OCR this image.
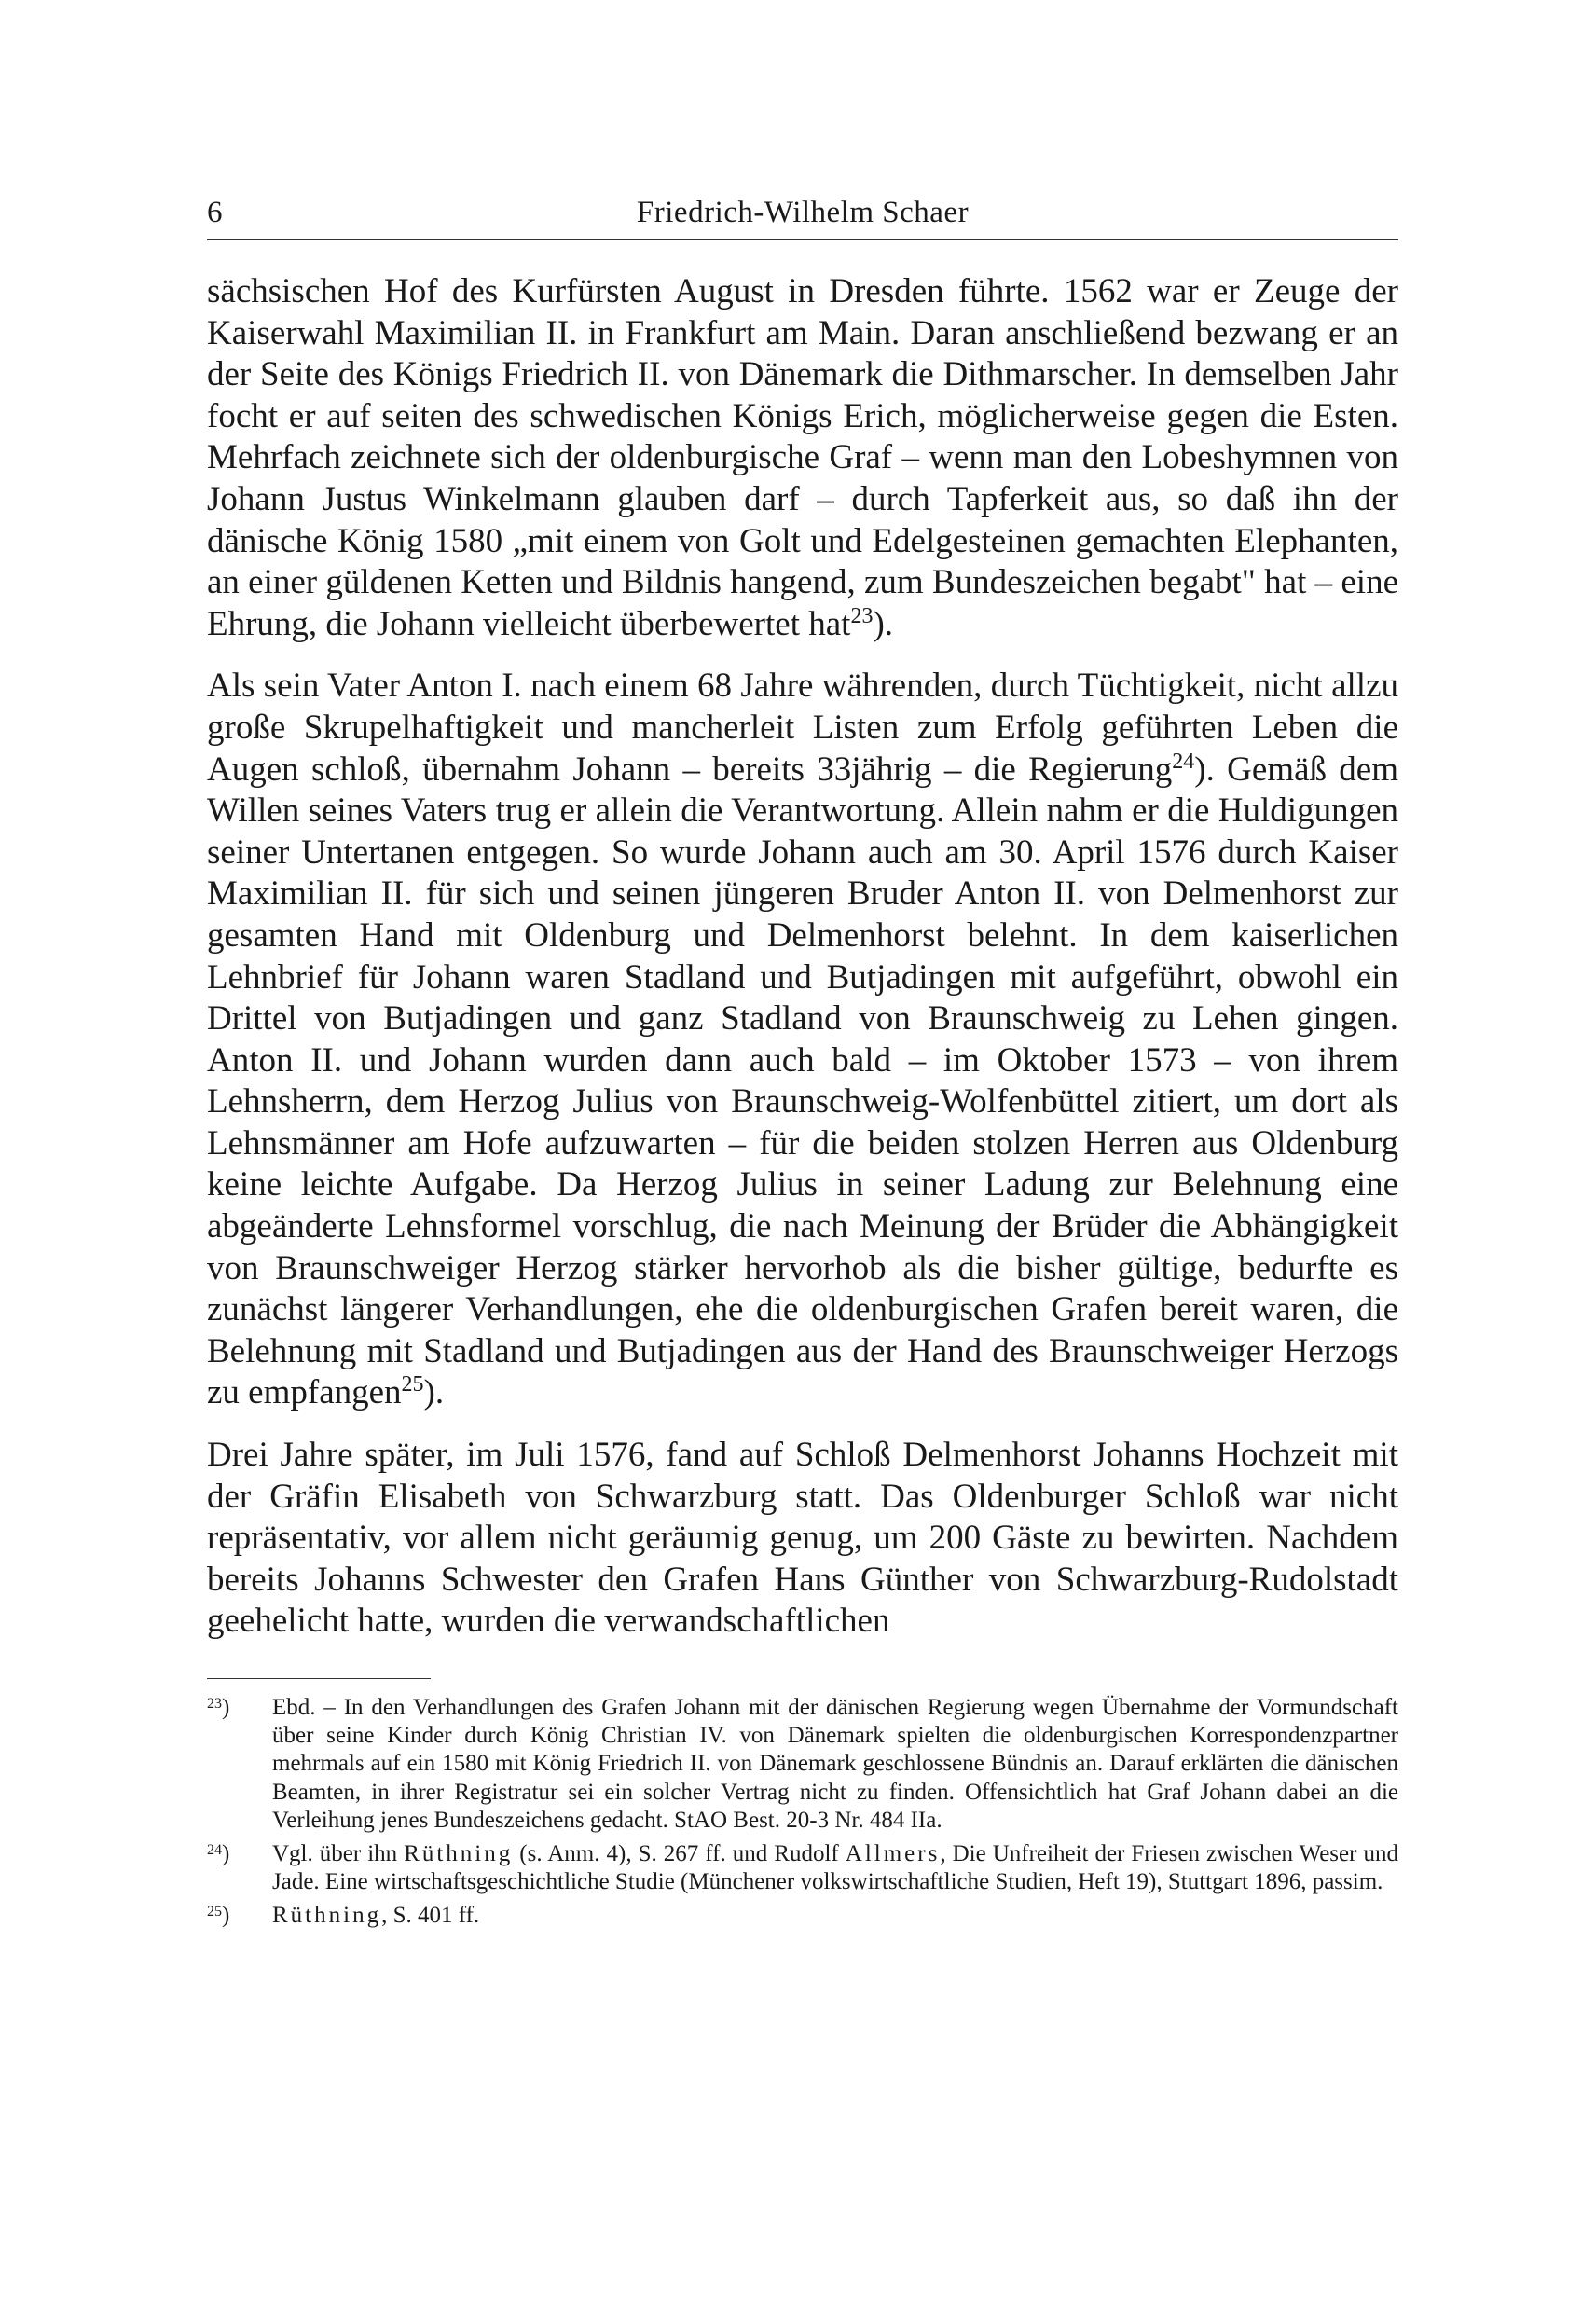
6	Friedrich-Wilhelm Schaer

sächsischen Hof des Kurfürsten August in Dresden führte. 1562 war er Zeuge der Kaiserwahl Maximilian II. in Frankfurt am Main. Daran anschließend bezwang er an der Seite des Königs Friedrich II. von Dänemark die Dithmarscher. In demselben Jahr focht er auf seiten des schwedischen Königs Erich, möglicherweise gegen die Esten. Mehrfach zeichnete sich der oldenburgische Graf – wenn man den Lobeshymnen von Johann Justus Winkelmann glauben darf – durch Tapferkeit aus, so daß ihn der dänische König 1580 „mit einem von Golt und Edelgesteinen gemachten Elephanten, an einer güldenen Ketten und Bildnis hangend, zum Bundeszeichen begabt" hat – eine Ehrung, die Johann vielleicht überbewertet hat$^{23}$).

Als sein Vater Anton I. nach einem 68 Jahre währenden, durch Tüchtigkeit, nicht allzu große Skrupelhaftigkeit und mancherleit Listen zum Erfolg geführten Leben die Augen schloß, übernahm Johann – bereits 33jährig – die Regierung$^{24}$). Gemäß dem Willen seines Vaters trug er allein die Verantwortung. Allein nahm er die Huldigungen seiner Untertanen entgegen. So wurde Johann auch am 30. April 1576 durch Kaiser Maximilian II. für sich und seinen jüngeren Bruder Anton II. von Delmenhorst zur gesamten Hand mit Oldenburg und Delmenhorst belehnt. In dem kaiserlichen Lehnbrief für Johann waren Stadland und Butjadingen mit aufgeführt, obwohl ein Drittel von Butjadingen und ganz Stadland von Braunschweig zu Lehen gingen. Anton II. und Johann wurden dann auch bald – im Oktober 1573 – von ihrem Lehnsherrn, dem Herzog Julius von Braunschweig-Wolfenbüttel zitiert, um dort als Lehnsmänner am Hofe aufzuwarten – für die beiden stolzen Herren aus Oldenburg keine leichte Aufgabe. Da Herzog Julius in seiner Ladung zur Belehnung eine abgeänderte Lehnsformel vorschlug, die nach Meinung der Brüder die Abhängigkeit von Braunschweiger Herzog stärker hervorhob als die bisher gültige, bedurfte es zunächst längerer Verhandlungen, ehe die oldenburgischen Grafen bereit waren, die Belehnung mit Stadland und Butjadingen aus der Hand des Braunschweiger Herzogs zu empfangen$^{25}$).

Drei Jahre später, im Juli 1576, fand auf Schloß Delmenhorst Johanns Hochzeit mit der Gräfin Elisabeth von Schwarzburg statt. Das Oldenburger Schloß war nicht repräsentativ, vor allem nicht geräumig genug, um 200 Gäste zu bewirten. Nachdem bereits Johanns Schwester den Grafen Hans Günther von Schwarzburg-Rudolstadt geehelicht hatte, wurden die verwandschaftlichen

$^{23}$)	Ebd. – In den Verhandlungen des Grafen Johann mit der dänischen Regierung wegen Übernahme der Vormundschaft über seine Kinder durch König Christian IV. von Dänemark spielten die oldenburgischen Korrespondenzpartner mehrmals auf ein 1580 mit König Friedrich II. von Dänemark geschlossene Bündnis an. Darauf erklärten die dänischen Beamten, in ihrer Registratur sei ein solcher Vertrag nicht zu finden. Offensichtlich hat Graf Johann dabei an die Verleihung jenes Bundeszeichens gedacht. StAO Best. 20-3 Nr. 484 IIa.
$^{24}$)	Vgl. über ihn Rüthning (s. Anm. 4), S. 267 ff. und Rudolf Allmers, Die Unfreiheit der Friesen zwischen Weser und Jade. Eine wirtschaftsgeschichtliche Studie (Münchener volkswirtschaftliche Studien, Heft 19), Stuttgart 1896, passim.
$^{25}$)	Rüthning, S. 401 ff.
